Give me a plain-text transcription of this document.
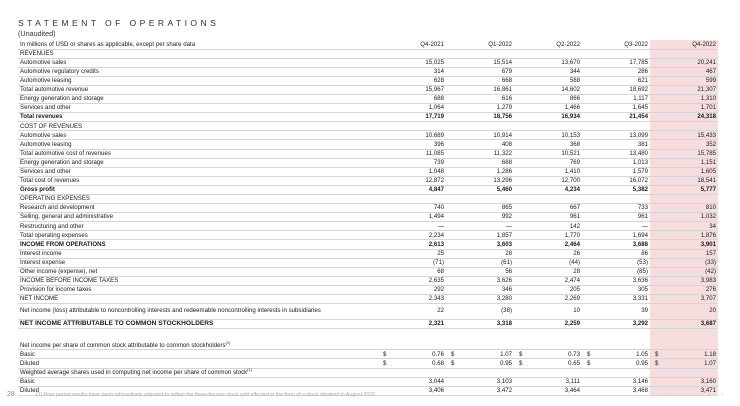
STATEMENT OF OPERATIONS
(Unaudited)
In millions of USD or shares as applicable, except per share data	Q4-2021	Q1-2022	Q2-2022	Q3-2022	Q4-2022
REVENUES					
Automotive sales	15,025	15,514	13,670	17,785	20,241
Automotive regulatory credits	314	679	344	286	467
Automotive leasing	628	668	588	621	599
Total automotive revenue	15,967	16,861	14,602	18,692	21,307
Energy generation and storage	688	616	866	1,117	1,310
Services and other	1,064	1,279	1,466	1,645	1,701
Total revenues	17,719	18,756	16,934	21,454	24,318
COST OF REVENUES					
Automotive sales	10,689	10,914	10,153	13,099	15,433
Automotive leasing	396	408	368	381	352
Total automotive cost of revenues	11,085	11,322	10,521	13,480	15,785
Energy generation and storage	739	688	769	1,013	1,151
Services and other	1,048	1,286	1,410	1,579	1,605
Total cost of revenues	12,872	13,296	12,700	16,072	18,541
Gross profit	4,847	5,460	4,234	5,382	5,777
OPERATING EXPENSES					
Research and development	740	865	667	733	810
Selling, general and administrative	1,494	992	961	961	1,032
Restructuring and other	—	—	142	—	34
Total operating expenses	2,234	1,857	1,770	1,694	1,876
INCOME FROM OPERATIONS	2,613	3,603	2,464	3,688	3,901
Interest income	25	28	26	86	157
Interest expense	(71)	(61)	(44)	(53)	(33)
Other income (expense), net	68	56	28	(85)	(42)
INCOME BEFORE INCOME TAXES	2,635	3,626	2,474	3,636	3,983
Provision for income taxes	292	346	205	305	276
NET INCOME	2,343	3,280	2,269	3,331	3,707
Net income (loss) attributable to noncontrolling interests and redeemable noncontrolling interests in subsidiaries	22	(38)	10	39	20
NET INCOME ATTRIBUTABLE TO COMMON STOCKHOLDERS	2,321	3,318	2,259	3,292	3,687

Net income per share of common stock attributable to common stockholders$^{(1)}$					
Basic	$ 0.76	$ 1.07	$ 0.73	$ 1.05	$ 1.18
Diluted	$ 0.68	$ 0.95	$ 0.65	$ 0.95	$ 1.07
Weighted average shares used in computing net income per share of common stock$^{(1)}$					
Basic	3,044	3,103	3,111	3,146	3,160
Diluted	3,406	3,472	3,464	3,468	3,471
28	(1) Prior period results have been retroactively adjusted to reflect the three-for-one stock split effected in the form of a stock dividend in August 2022.	• • • • •
